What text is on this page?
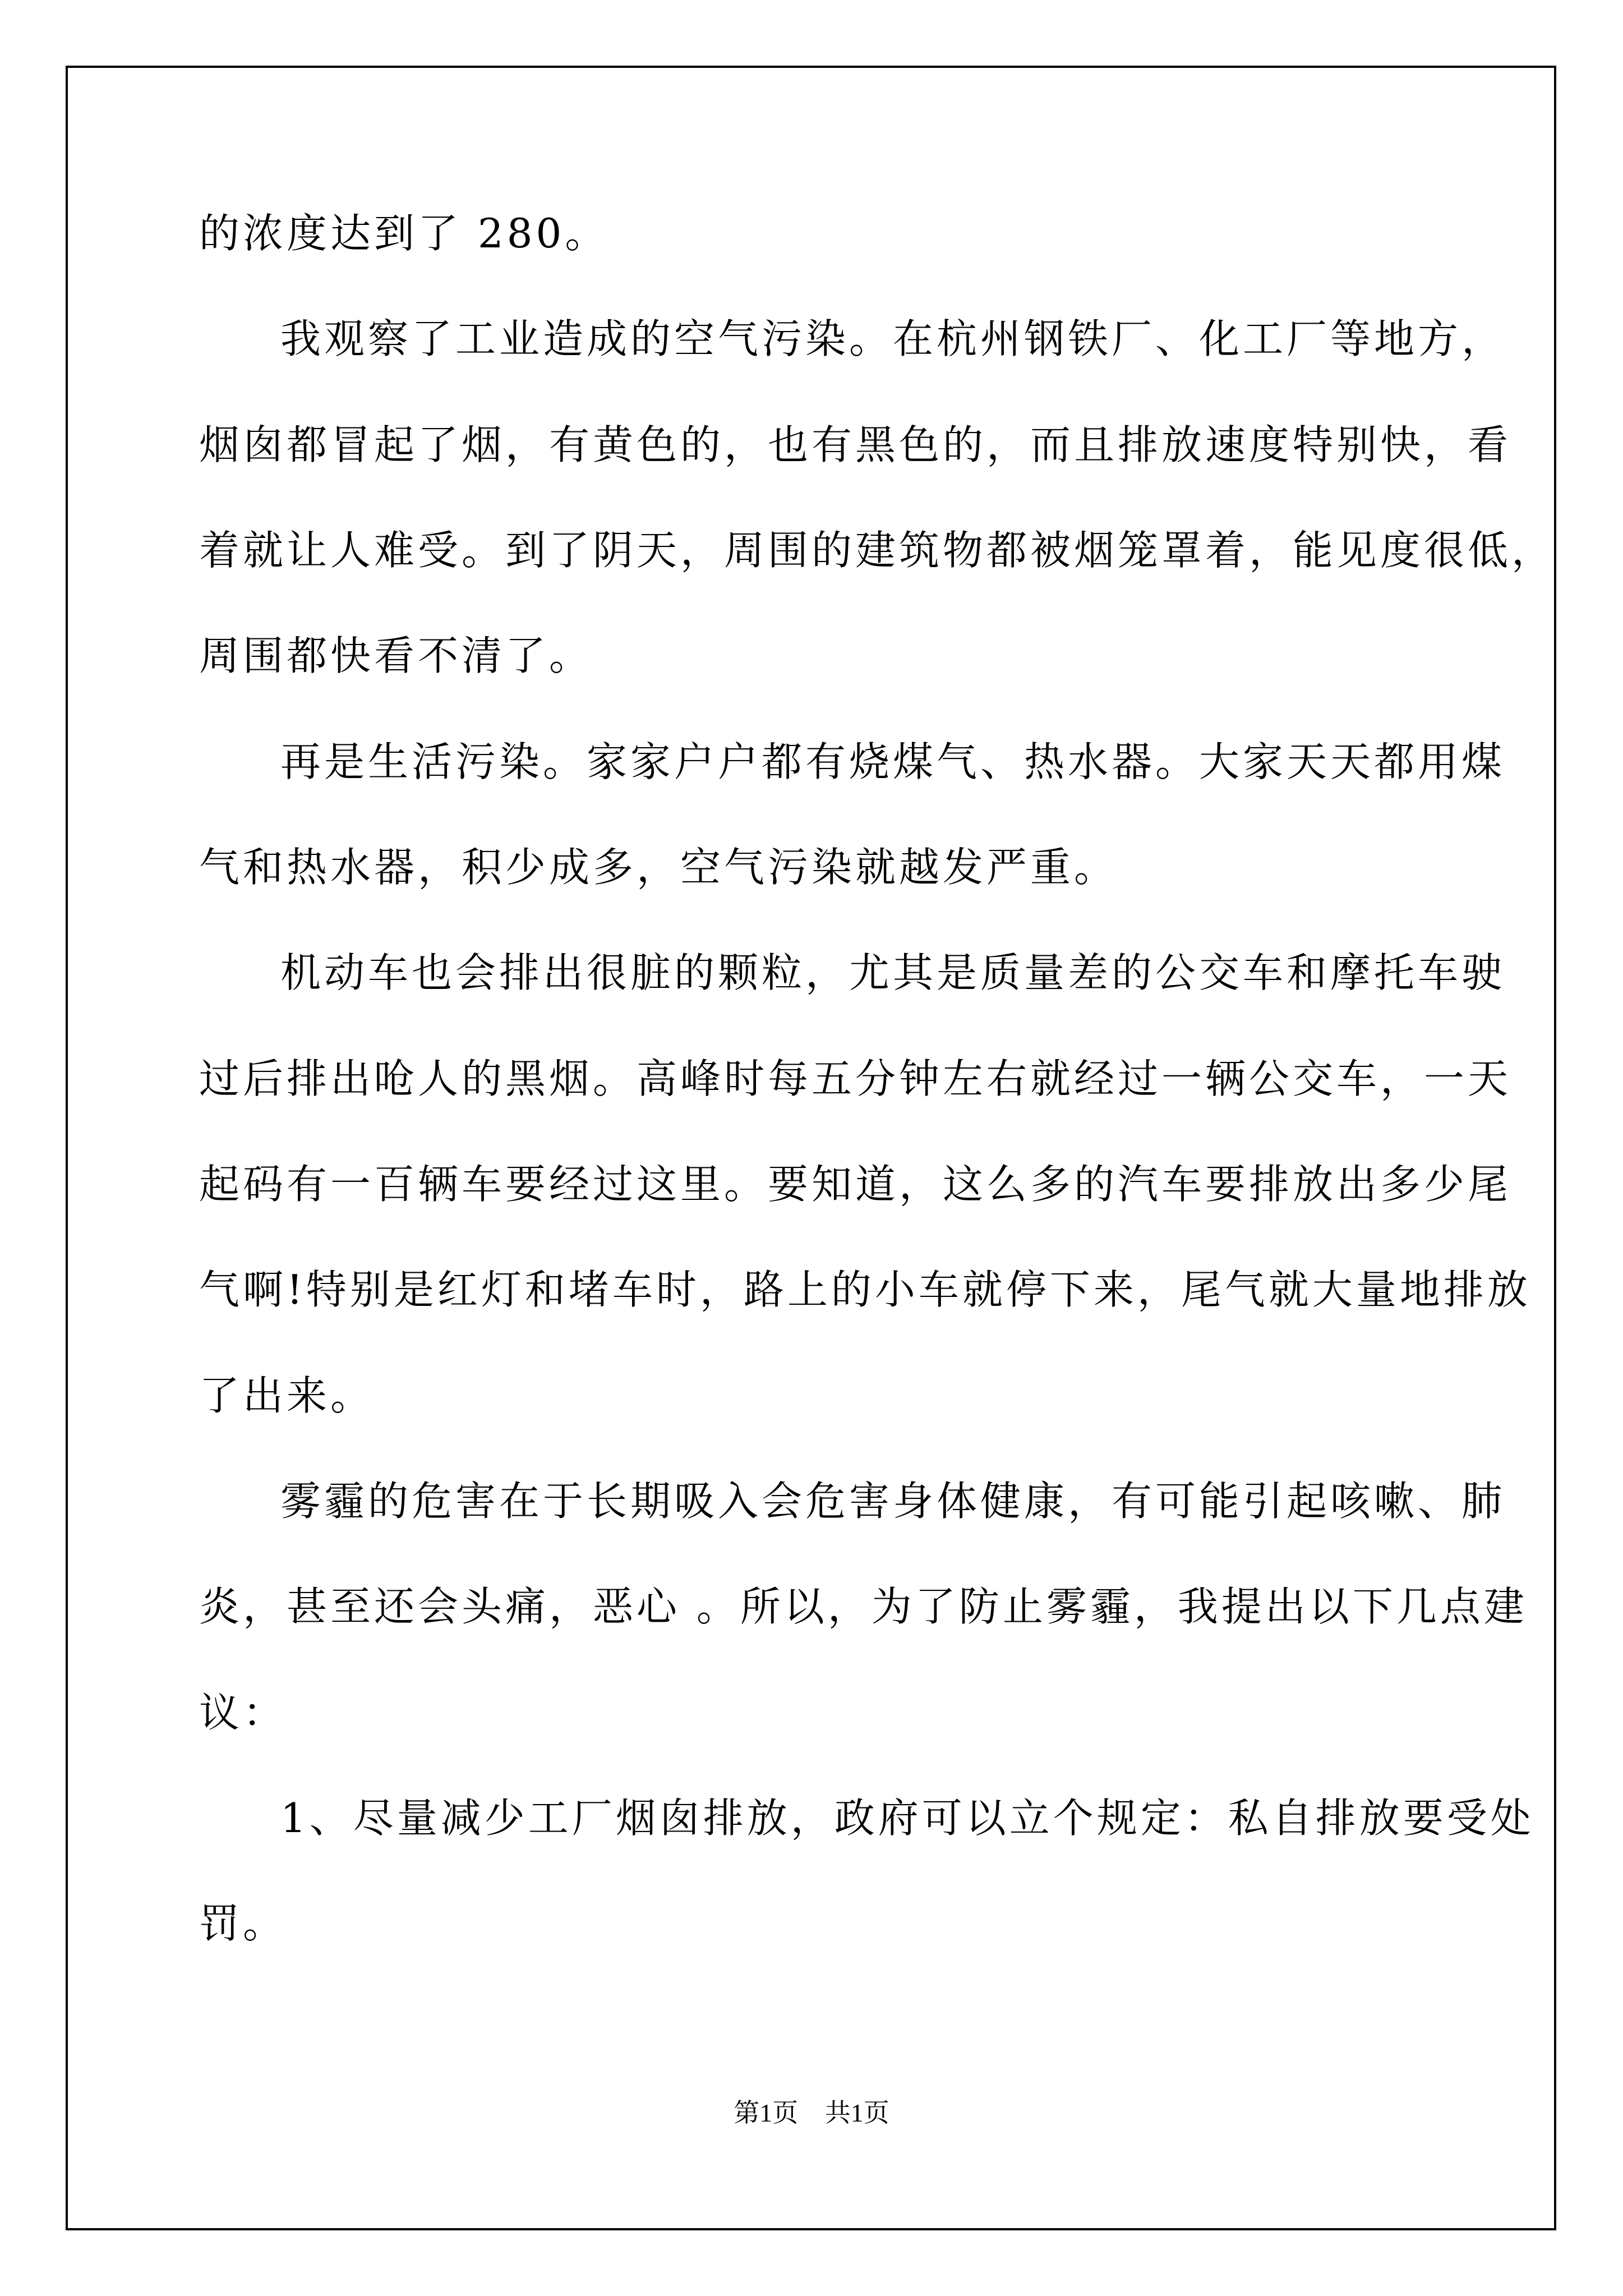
的浓度达到了 280。
我观察了工业造成的空气污染。在杭州钢铁厂、化工厂等地方，
烟囱都冒起了烟，有黄色的，也有黑色的，而且排放速度特别快，看
着就让人难受。到了阴天，周围的建筑物都被烟笼罩着，能见度很低，
周围都快看不清了。
再是生活污染。家家户户都有烧煤气、热水器。大家天天都用煤
气和热水器，积少成多，空气污染就越发严重。
机动车也会排出很脏的颗粒，尤其是质量差的公交车和摩托车驶
过后排出呛人的黑烟。高峰时每五分钟左右就经过一辆公交车，一天
起码有一百辆车要经过这里。要知道，这么多的汽车要排放出多少尾
气啊!特别是红灯和堵车时，路上的小车就停下来，尾气就大量地排放
了出来。
雾霾的危害在于长期吸入会危害身体健康，有可能引起咳嗽、肺
炎，甚至还会头痛，恶心 。所以，为了防止雾霾，我提出以下几点建
议：
1、尽量减少工厂烟囱排放，政府可以立个规定：私自排放要受处
罚。
第1页 共1页
